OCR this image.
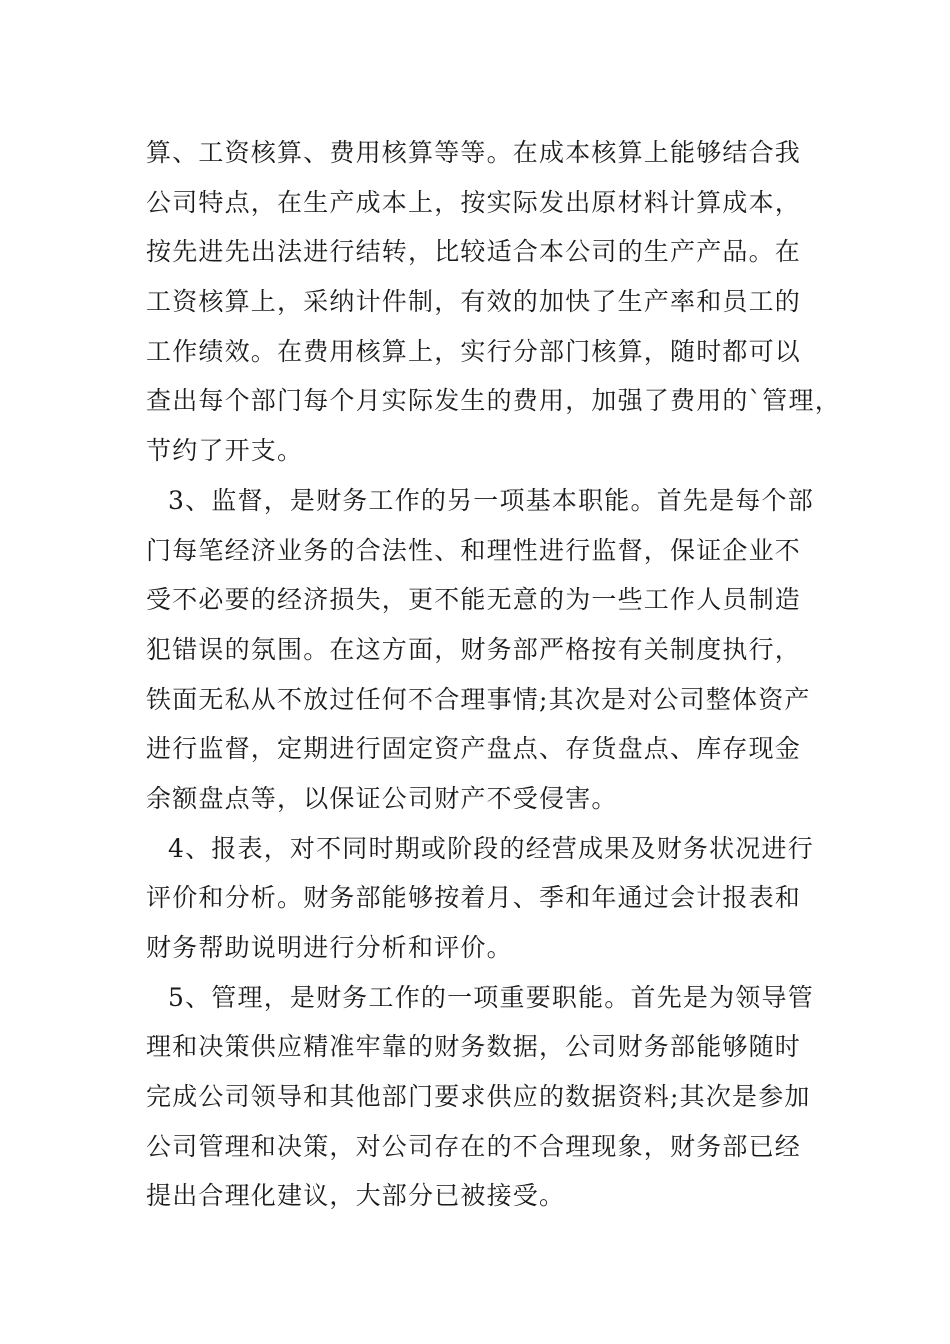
算、工资核算、费用核算等等。在成本核算上能够结合我
公司特点，在生产成本上，按实际发出原材料计算成本，
按先进先出法进行结转，比较适合本公司的生产产品。在
工资核算上，采纳计件制，有效的加快了生产率和员工的
工作绩效。在费用核算上，实行分部门核算，随时都可以
查出每个部门每个月实际发生的费用，加强了费用的`管理，
节约了开支。
3、监督，是财务工作的另一项基本职能。首先是每个部
门每笔经济业务的合法性、和理性进行监督，保证企业不
受不必要的经济损失，更不能无意的为一些工作人员制造
犯错误的氛围。在这方面，财务部严格按有关制度执行，
铁面无私从不放过任何不合理事情;其次是对公司整体资产
进行监督，定期进行固定资产盘点、存货盘点、库存现金
余额盘点等，以保证公司财产不受侵害。
4、报表，对不同时期或阶段的经营成果及财务状况进行
评价和分析。财务部能够按着月、季和年通过会计报表和
财务帮助说明进行分析和评价。
5、管理，是财务工作的一项重要职能。首先是为领导管
理和决策供应精准牢靠的财务数据，公司财务部能够随时
完成公司领导和其他部门要求供应的数据资料;其次是参加
公司管理和决策，对公司存在的不合理现象，财务部已经
提出合理化建议，大部分已被接受。
